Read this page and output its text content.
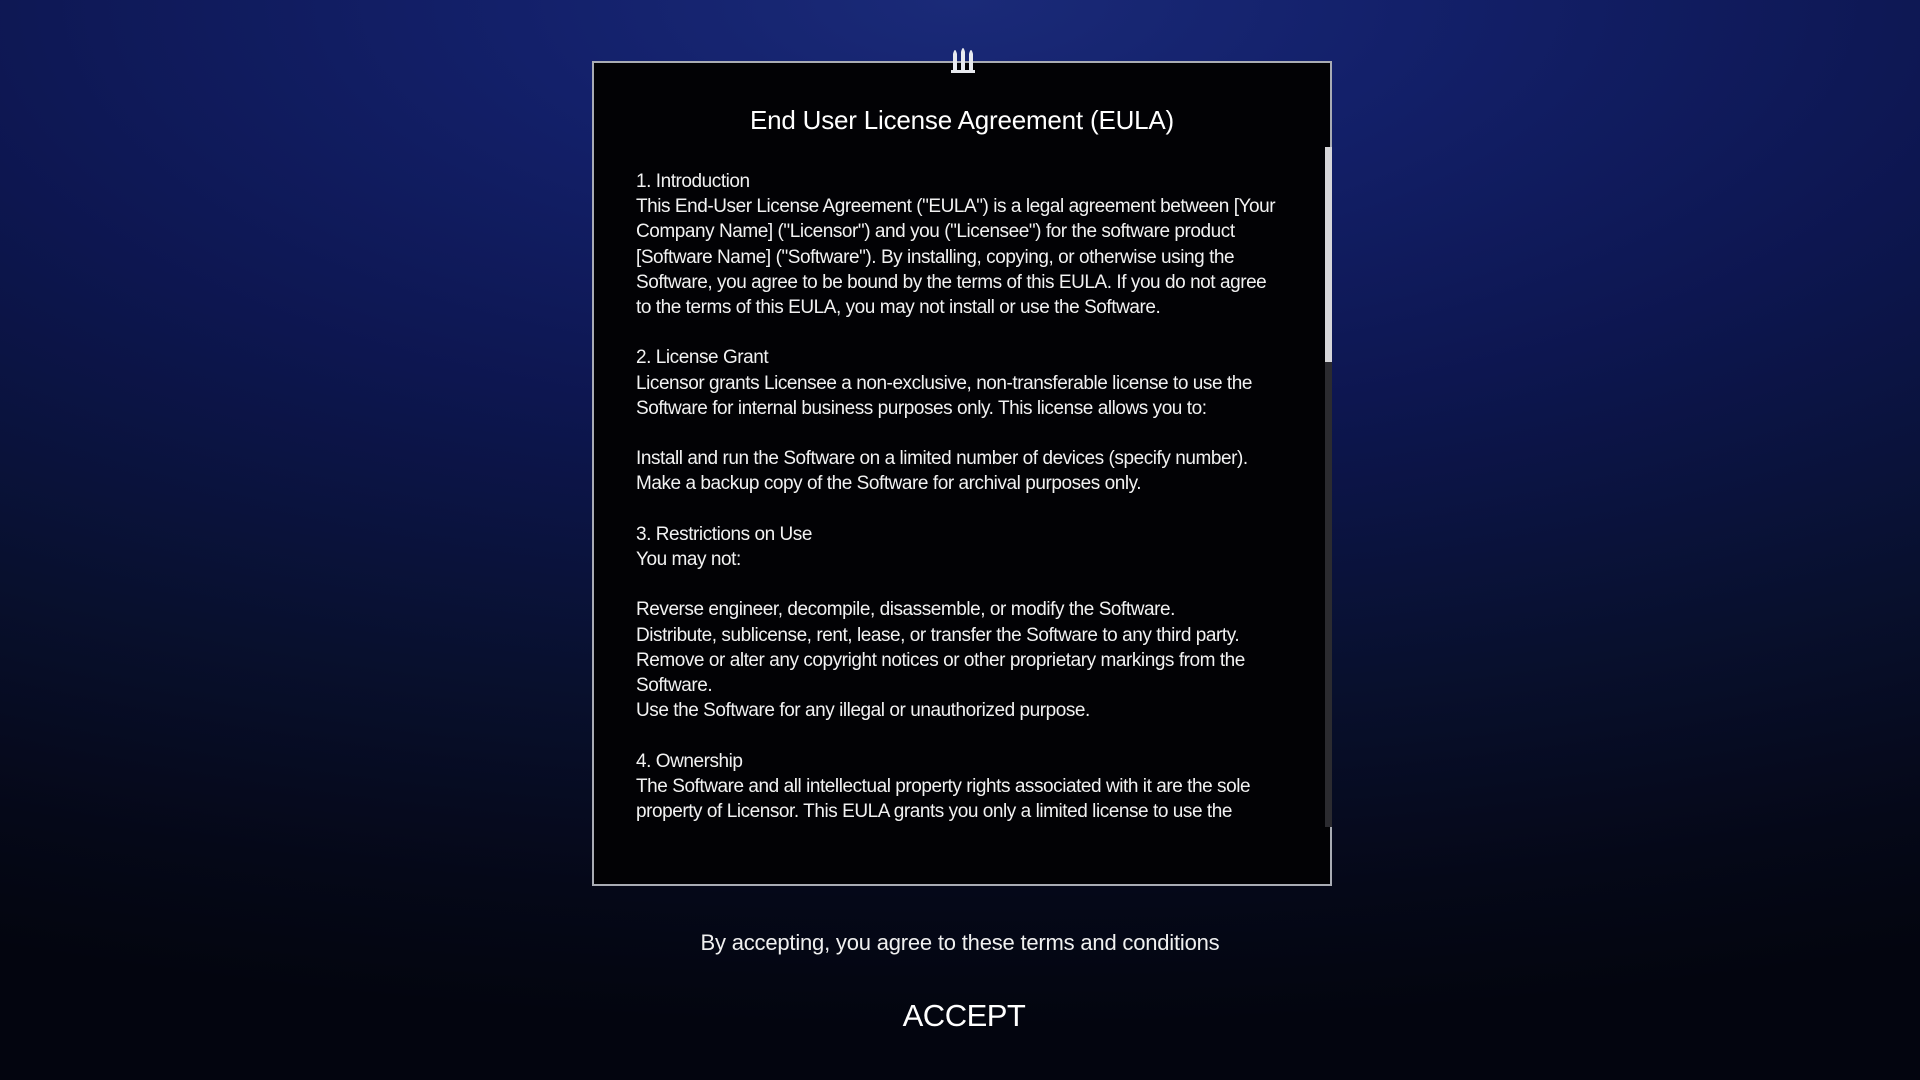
End User License Agreement (EULA)

1. Introduction

This End-User License Agreement ("EULA") is a legal agreement between [Your Company Name] ("Licensor") and you ("Licensee") for the software product [Software Name] ("Software"). By installing, copying, or otherwise using the Software, you agree to be bound by the terms of this EULA. If you do not agree to the terms of this EULA, you may not install or use the Software.

2. License Grant

Licensor grants Licensee a non-exclusive, non-transferable license to use the Software for internal business purposes only. This license allows you to:

Install and run the Software on a limited number of devices (specify number).

Make a backup copy of the Software for archival purposes only.

3. Restrictions on Use

You may not:

Reverse engineer, decompile, disassemble, or modify the Software.

Distribute, sublicense, rent, lease, or transfer the Software to any third party.

Remove or alter any copyright notices or other proprietary markings from the Software.

Use the Software for any illegal or unauthorized purpose.

4. Ownership

The Software and all intellectual property rights associated with it are the sole property of Licensor. This EULA grants you only a limited license to use the

By accepting, you agree to these terms and conditions
ACCEPT
